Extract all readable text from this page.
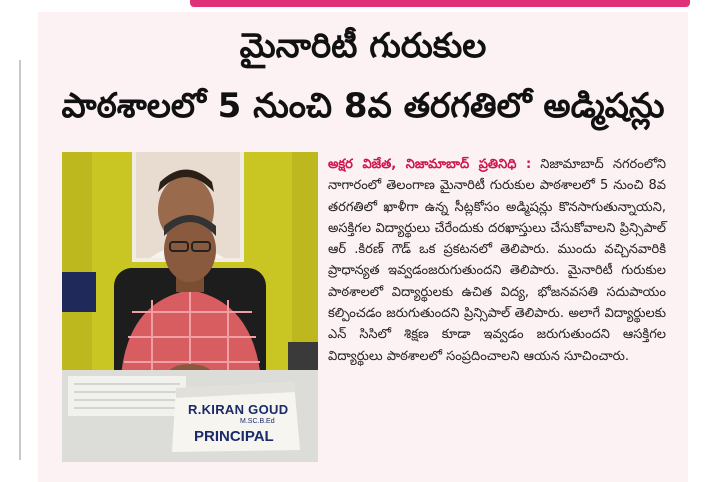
మైనారిటీ గురుకుల
పాఠశాలలో 5 నుంచి 8వ తరగతిలో అడ్మిషన్లు
R.KIRAN GOUD
M.SC.B.Ed
PRINCIPAL
అక్షర విజేత, నిజామాబాద్ ప్రతినిధి : నిజామాబాద్ నగరంలోని నాగారంలో తెలంగాణ మైనారిటీ గురుకుల పాఠశాలలో 5 నుంచి 8వ తరగతిలో ఖాళీగా ఉన్న సీట్లకోసం అడ్మిషన్లు కొనసాగుతున్నాయని, అసక్తిగల విద్యార్థులు చేరేందుకు దరఖాస్తులు చేసుకోవాలని ప్రిన్సిపాల్ ఆర్ .కిరణ్ గౌడ్ ఒక ప్రకటనలో తెలిపారు. ముందు వచ్చినవారికి ప్రాధాన్యత ఇవ్వడంజరుగుతుందని తెలిపారు. మైనారిటీ గురుకుల పాఠశాలలో విద్యార్థులకు ఉచిత విద్య, భోజనవసతి సదుపాయం కల్పించడం జరుగుతుందని ప్రిన్సిపాల్ తెలిపారు. అలాగే విద్యార్థులకు ఎన్ సిసిలో శిక్షణ కూడా ఇవ్వడం జరుగుతుందని ఆసక్తిగల విద్యార్థులు పాఠశాలలో సంప్రదించాలని ఆయన సూచించారు.
